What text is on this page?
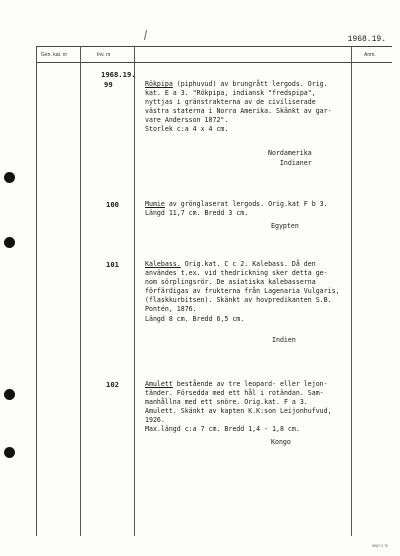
1968.19.
Gen. kat. nr	Inv. nr	Anm.
1968.19.
99	Rökpipa (piphuvud) av brungrått lergods. Orig.
kat. E a 3. "Rökpipa, indiansk "fredspipa",
nyttjas i gränstrakterna av de civiliserade
västra staterna i Norra Amerika. Skänkt av gar-
vare Andersson 1872".
Storlek c:a 4 x 4 cm.
Nordamerika
Indianer
100	Mumie av grönglaserat lergods. Orig.kat F b 3.
Längd 11,7 cm. Bredd 3 cm.
Egypten
101	Kalebass. Orig.kat. C c 2. Kalebass. Då den
användes t.ex. vid thedrickning sker detta ge-
nom sörplingsrör. De asiatiska kalebasserna
förfärdigas av frukterna från Lagenaria Vulgaris,
(flaskkurbitsen). Skänkt av hovpredikanten S.B.
Pontén, 1876.
Längd 8 cm. Bredd 6,5 cm.
Indien
102	Amulett bestående av tre leopard- eller lejon-
tänder. Försedda med ett hål i rotändan. Sam-
manhållna med ett snöre. Orig.kat. F a 3.
Amulett. Skänkt av kapten K.K:son Leijonhufvud,
1926.
Max.längd c:a 7 cm. Bredd 1,4 - 1,8 cm.
Kongo
8967 2.70
